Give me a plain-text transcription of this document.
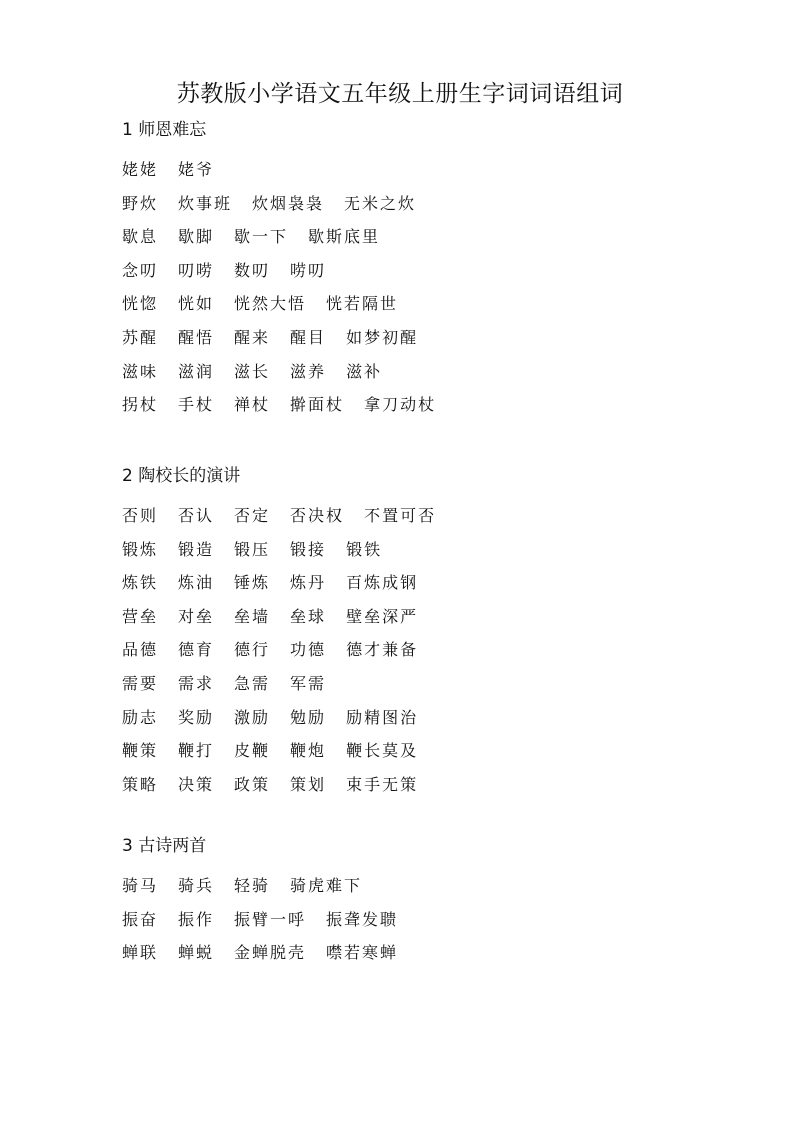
苏教版小学语文五年级上册生字词词语组词
1 师恩难忘
姥姥 姥爷
野炊 炊事班 炊烟袅袅 无米之炊
歇息 歇脚 歇一下 歇斯底里
念叨 叨唠 数叨 唠叨
恍惚 恍如 恍然大悟 恍若隔世
苏醒 醒悟 醒来 醒目 如梦初醒
滋味 滋润 滋长 滋养 滋补
拐杖 手杖 禅杖 擀面杖 拿刀动杖
2 陶校长的演讲
否则 否认 否定 否决权 不置可否
锻炼 锻造 锻压 锻接 锻铁
炼铁 炼油 锤炼 炼丹 百炼成钢
营垒 对垒 垒墙 垒球 壁垒深严
品德 德育 德行 功德 德才兼备
需要 需求 急需 军需
励志 奖励 激励 勉励 励精图治
鞭策 鞭打 皮鞭 鞭炮 鞭长莫及
策略 决策 政策 策划 束手无策
3 古诗两首
骑马 骑兵 轻骑 骑虎难下
振奋 振作 振臂一呼 振聋发聩
蝉联 蝉蜕 金蝉脱壳 噤若寒蝉
